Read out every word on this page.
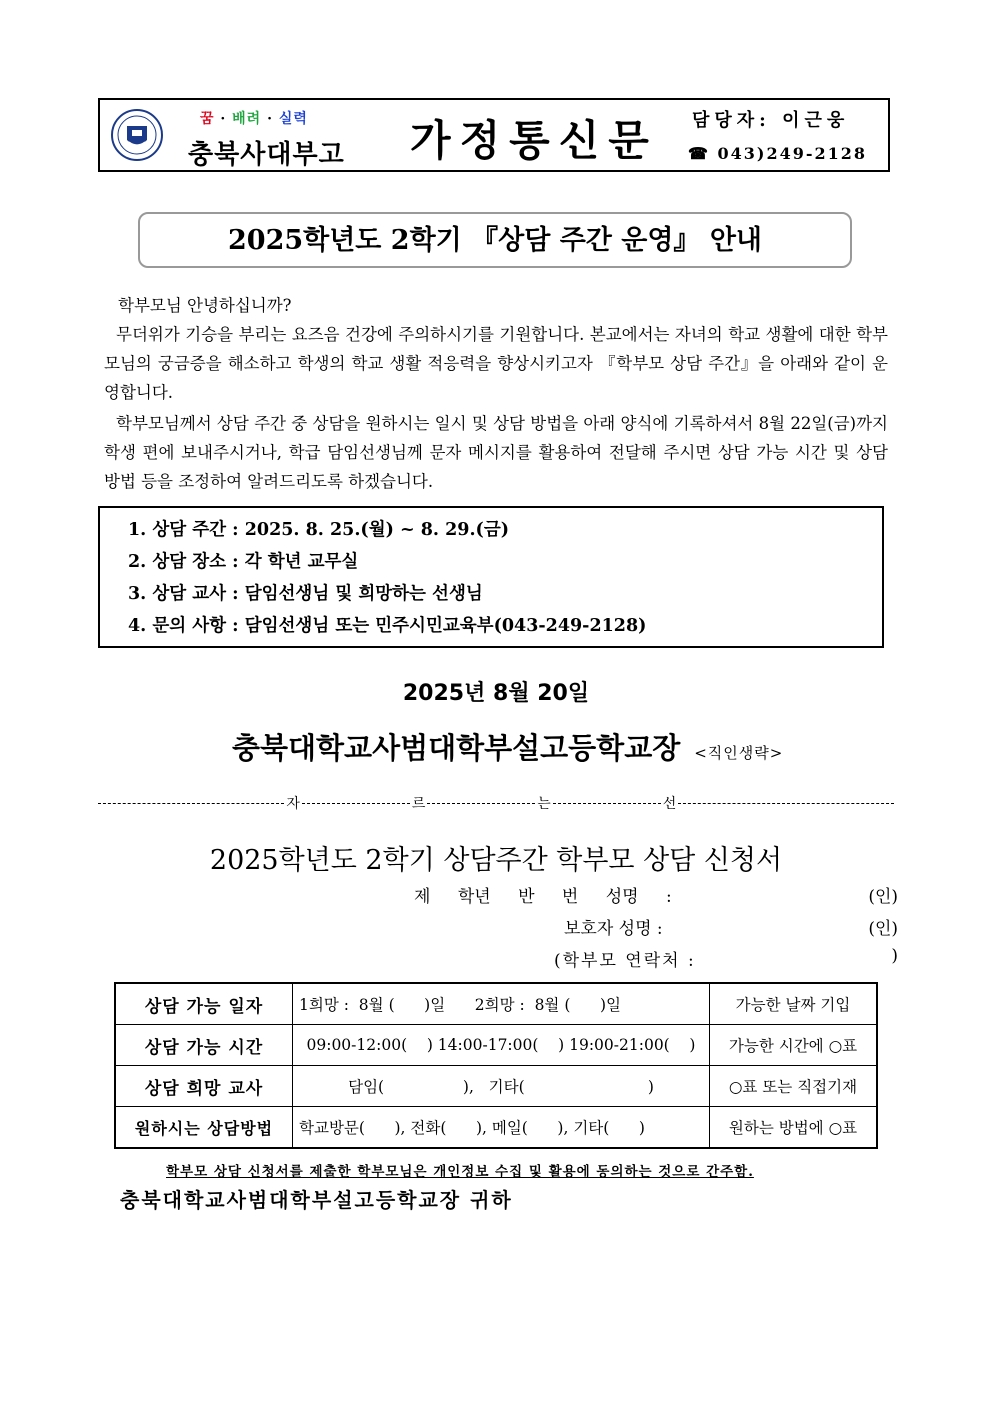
꿈 · 배려 · 실력
충북사대부고 가정통신문 담당자: 이근웅
☎ 043)249-2128
2025학년도 2학기 『상담 주간 운영』 안내
학부모님 안녕하십니까?
무더위가 기승을 부리는 요즈음 건강에 주의하시기를 기원합니다. 본교에서는 자녀의 학교 생활에 대한 학부모님의 궁금증을 해소하고 학생의 학교 생활 적응력을 향상시키고자 『학부모 상담 주간』을 아래와 같이 운영합니다.
학부모님께서 상담 주간 중 상담을 원하시는 일시 및 상담 방법을 아래 양식에 기록하셔서 8월 22일(금)까지 학생 편에 보내주시거나, 학급 담임선생님께 문자 메시지를 활용하여 전달해 주시면 상담 가능 시간 및 상담 방법 등을 조정하여 알려드리도록 하겠습니다.
1. 상담 주간 : 2025. 8. 25.(월) ~ 8. 29.(금)
2. 상담 장소 : 각 학년 교무실
3. 상담 교사 : 담임선생님 및 희망하는 선생님
4. 문의 사항 : 담임선생님 또는 민주시민교육부(043-249-2128)
2025년 8월 20일
충북대학교사범대학부설고등학교장 <직인생략>
자	르	는	선
2025학년도 2학기 상담주간 학부모 상담 신청서
제 학년 반 번 성명 :	(인)
보호자 성명 :	(인)
(학부모 연락처 :	)
상담 가능 일자	1희망 :  8월 (      )일      2희망 :  8월 (      )일	가능한 날짜 기입
상담 가능 시간	09:00-12:00(    ) 14:00-17:00(    ) 19:00-21:00(    )	가능한 시간에 ○표
상담 희망 교사	담임(                ),   기타(                         )	○표 또는 직접기재
원하시는 상담방법	학교방문(      ), 전화(      ), 메일(      ), 기타(      )	원하는 방법에 ○표
학부모 상담 신청서를 제출한 학부모님은 개인정보 수집 및 활용에 동의하는 것으로 간주함.
충북대학교사범대학부설고등학교장 귀하
